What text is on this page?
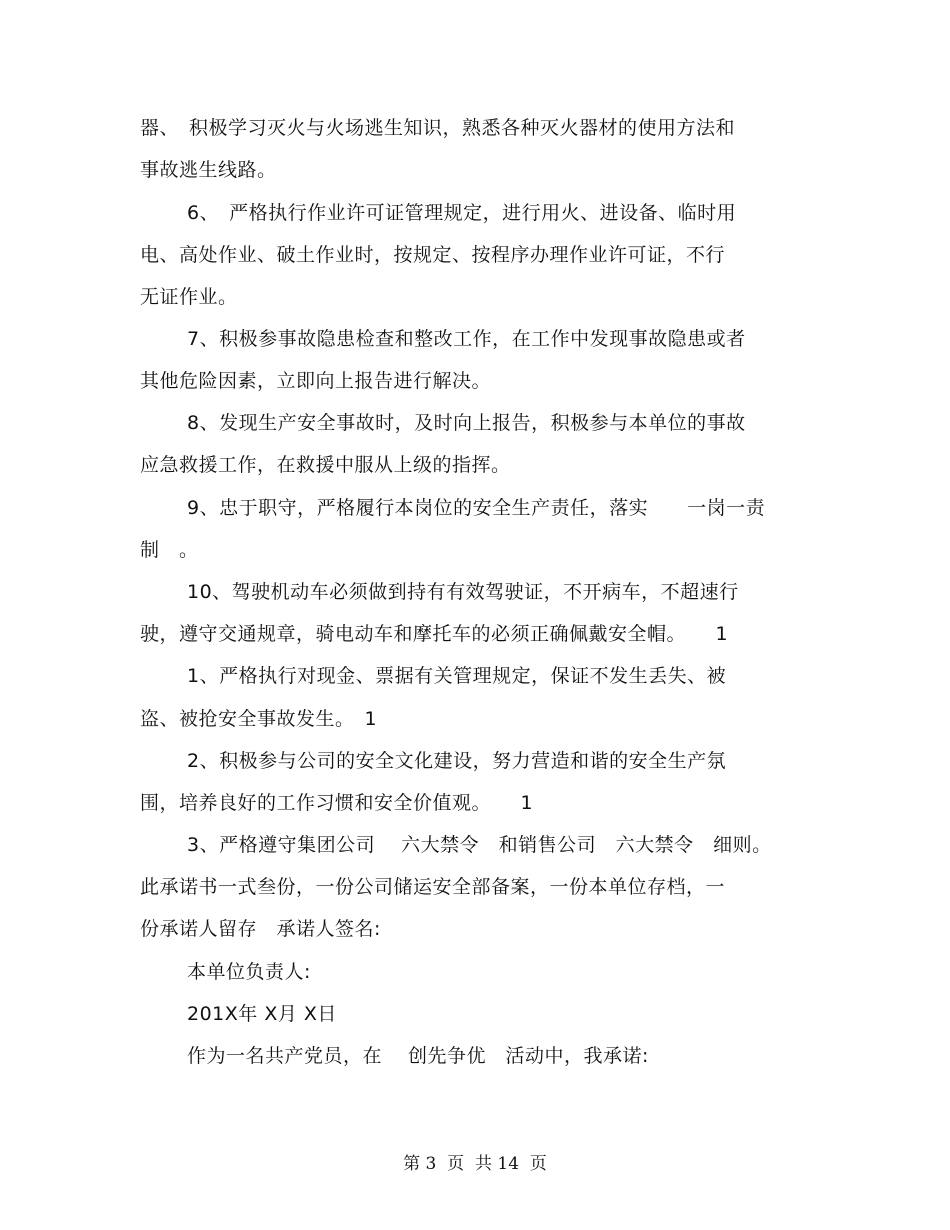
器、　积极学习灭火与火场逃生知识，熟悉各种灭火器材的使用方法和
事故逃生线路。
6、　严格执行作业许可证管理规定，进行用火、进设备、临时用
电、高处作业、破土作业时，按规定、按程序办理作业许可证，不行
无证作业。
7、积极参事故隐患检查和整改工作，在工作中发现事故隐患或者
其他危险因素，立即向上报告进行解决。
8、发现生产安全事故时，及时向上报告，积极参与本单位的事故
应急救援工作，在救援中服从上级的指挥。
9、忠于职守，严格履行本岗位的安全生产责任，落实　　一岗一责
制　。
10、驾驶机动车必须做到持有有效驾驶证，不开病车，不超速行
驶，遵守交通规章，骑电动车和摩托车的必须正确佩戴安全帽。　　1
1、严格执行对现金、票据有关管理规定，保证不发生丢失、被
盗、被抢安全事故发生。　1
2、积极参与公司的安全文化建设，努力营造和谐的安全生产氛
围，培养良好的工作习惯和安全价值观。　　1
3、严格遵守集团公司　 六大禁令　和销售公司　六大禁令　细则。
此承诺书一式叁份，一份公司储运安全部备案，一份本单位存档，一
份承诺人留存　承诺人签名:
本单位负责人:
201X年 X月 X日
作为一名共产党员，在　 创先争优　活动中，我承诺:
第 3  页  共 14  页
